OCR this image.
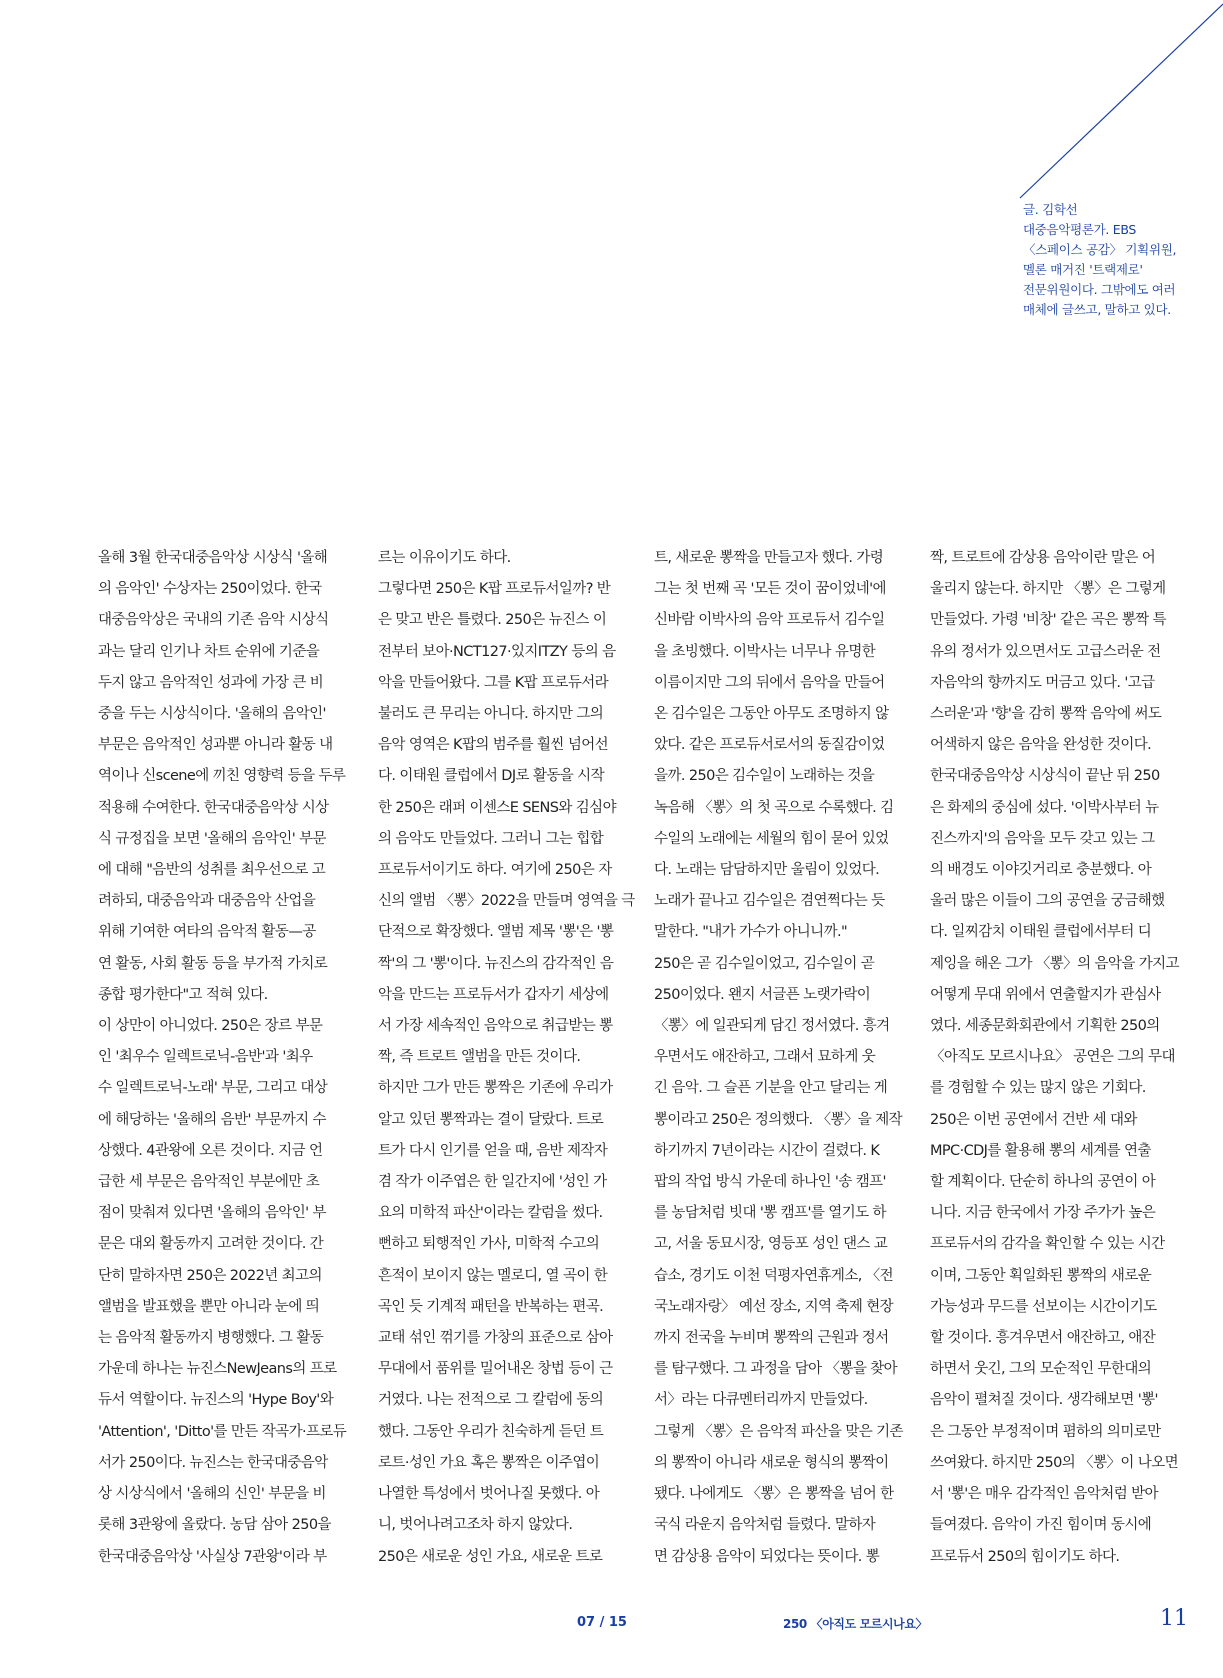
글. 김학선
대중음악평론가. EBS
〈스페이스 공감〉 기획위원,
멜론 매거진 '트랙제로'
전문위원이다. 그밖에도 여러
매체에 글쓰고, 말하고 있다.
올해 3월 한국대중음악상 시상식 '올해
의 음악인' 수상자는 250이었다. 한국
대중음악상은 국내의 기존 음악 시상식
과는 달리 인기나 차트 순위에 기준을
두지 않고 음악적인 성과에 가장 큰 비
중을 두는 시상식이다. '올해의 음악인'
부문은 음악적인 성과뿐 아니라 활동 내
역이나 신scene에 끼친 영향력 등을 두루
적용해 수여한다. 한국대중음악상 시상
식 규정집을 보면 '올해의 음악인' 부문
에 대해 "음반의 성취를 최우선으로 고
려하되, 대중음악과 대중음악 산업을
위해 기여한 여타의 음악적 활동—공
연 활동, 사회 활동 등을 부가적 가치로
종합 평가한다"고 적혀 있다.
이 상만이 아니었다. 250은 장르 부문
인 '최우수 일렉트로닉-음반'과 '최우
수 일렉트로닉-노래' 부문, 그리고 대상
에 해당하는 '올해의 음반' 부문까지 수
상했다. 4관왕에 오른 것이다. 지금 언
급한 세 부문은 음악적인 부분에만 초
점이 맞춰져 있다면 '올해의 음악인' 부
문은 대외 활동까지 고려한 것이다. 간
단히 말하자면 250은 2022년 최고의
앨범을 발표했을 뿐만 아니라 눈에 띄
는 음악적 활동까지 병행했다. 그 활동
가운데 하나는 뉴진스NewJeans의 프로
듀서 역할이다. 뉴진스의 'Hype Boy'와
'Attention', 'Ditto'를 만든 작곡가·프로듀
서가 250이다. 뉴진스는 한국대중음악
상 시상식에서 '올해의 신인' 부문을 비
롯해 3관왕에 올랐다. 농담 삼아 250을
한국대중음악상 '사실상 7관왕'이라 부
르는 이유이기도 하다.
그렇다면 250은 K팝 프로듀서일까? 반
은 맞고 반은 틀렸다. 250은 뉴진스 이
전부터 보아·NCT127·있지ITZY 등의 음
악을 만들어왔다. 그를 K팝 프로듀서라
불러도 큰 무리는 아니다. 하지만 그의
음악 영역은 K팝의 범주를 훨씬 넘어선
다. 이태원 클럽에서 DJ로 활동을 시작
한 250은 래퍼 이센스E SENS와 김심야
의 음악도 만들었다. 그러니 그는 힙합
프로듀서이기도 하다. 여기에 250은 자
신의 앨범 〈뽕〉2022을 만들며 영역을 극
단적으로 확장했다. 앨범 제목 '뽕'은 '뽕
짝'의 그 '뽕'이다. 뉴진스의 감각적인 음
악을 만드는 프로듀서가 갑자기 세상에
서 가장 세속적인 음악으로 취급받는 뽕
짝, 즉 트로트 앨범을 만든 것이다.
하지만 그가 만든 뽕짝은 기존에 우리가
알고 있던 뽕짝과는 결이 달랐다. 트로
트가 다시 인기를 얻을 때, 음반 제작자
겸 작가 이주엽은 한 일간지에 '성인 가
요의 미학적 파산'이라는 칼럼을 썼다.
뻔하고 퇴행적인 가사, 미학적 수고의
흔적이 보이지 않는 멜로디, 열 곡이 한
곡인 듯 기계적 패턴을 반복하는 편곡.
교태 섞인 꺾기를 가창의 표준으로 삼아
무대에서 품위를 밀어내온 창법 등이 근
거였다. 나는 전적으로 그 칼럼에 동의
했다. 그동안 우리가 친숙하게 듣던 트
로트·성인 가요 혹은 뽕짝은 이주엽이
나열한 특성에서 벗어나질 못했다. 아
니, 벗어나려고조차 하지 않았다.
250은 새로운 성인 가요, 새로운 트로
트, 새로운 뽕짝을 만들고자 했다. 가령
그는 첫 번째 곡 '모든 것이 꿈이었네'에
신바람 이박사의 음악 프로듀서 김수일
을 초빙했다. 이박사는 너무나 유명한
이름이지만 그의 뒤에서 음악을 만들어
온 김수일은 그동안 아무도 조명하지 않
았다. 같은 프로듀서로서의 동질감이었
을까. 250은 김수일이 노래하는 것을
녹음해 〈뽕〉의 첫 곡으로 수록했다. 김
수일의 노래에는 세월의 힘이 묻어 있었
다. 노래는 담담하지만 울림이 있었다.
노래가 끝나고 김수일은 겸연쩍다는 듯
말한다. "내가 가수가 아니니까."
250은 곧 김수일이었고, 김수일이 곧
250이었다. 왠지 서글픈 노랫가락이
〈뽕〉에 일관되게 담긴 정서였다. 흥겨
우면서도 애잔하고, 그래서 묘하게 웃
긴 음악. 그 슬픈 기분을 안고 달리는 게
뽕이라고 250은 정의했다. 〈뽕〉을 제작
하기까지 7년이라는 시간이 걸렸다. K
팝의 작업 방식 가운데 하나인 '송 캠프'
를 농담처럼 빗대 '뽕 캠프'를 열기도 하
고, 서울 동묘시장, 영등포 성인 댄스 교
습소, 경기도 이천 덕평자연휴게소, 〈전
국노래자랑〉 예선 장소, 지역 축제 현장
까지 전국을 누비며 뽕짝의 근원과 정서
를 탐구했다. 그 과정을 담아 〈뽕을 찾아
서〉라는 다큐멘터리까지 만들었다.
그렇게 〈뽕〉은 음악적 파산을 맞은 기존
의 뽕짝이 아니라 새로운 형식의 뽕짝이
됐다. 나에게도 〈뽕〉은 뽕짝을 넘어 한
국식 라운지 음악처럼 들렸다. 말하자
면 감상용 음악이 되었다는 뜻이다. 뽕
짝, 트로트에 감상용 음악이란 말은 어
울리지 않는다. 하지만 〈뽕〉은 그렇게
만들었다. 가령 '비창' 같은 곡은 뽕짝 특
유의 정서가 있으면서도 고급스러운 전
자음악의 향까지도 머금고 있다. '고급
스러운'과 '향'을 감히 뽕짝 음악에 써도
어색하지 않은 음악을 완성한 것이다.
한국대중음악상 시상식이 끝난 뒤 250
은 화제의 중심에 섰다. '이박사부터 뉴
진스까지'의 음악을 모두 갖고 있는 그
의 배경도 이야깃거리로 충분했다. 아
울러 많은 이들이 그의 공연을 궁금해했
다. 일찌감치 이태원 클럽에서부터 디
제잉을 해온 그가 〈뽕〉의 음악을 가지고
어떻게 무대 위에서 연출할지가 관심사
였다. 세종문화회관에서 기획한 250의
〈아직도 모르시나요〉 공연은 그의 무대
를 경험할 수 있는 많지 않은 기회다.
250은 이번 공연에서 건반 세 대와
MPC·CDJ를 활용해 뽕의 세계를 연출
할 계획이다. 단순히 하나의 공연이 아
니다. 지금 한국에서 가장 주가가 높은
프로듀서의 감각을 확인할 수 있는 시간
이며, 그동안 획일화된 뽕짝의 새로운
가능성과 무드를 선보이는 시간이기도
할 것이다. 흥겨우면서 애잔하고, 애잔
하면서 웃긴, 그의 모순적인 무한대의
음악이 펼쳐질 것이다. 생각해보면 '뽕'
은 그동안 부정적이며 폄하의 의미로만
쓰여왔다. 하지만 250의 〈뽕〉이 나오면
서 '뽕'은 매우 감각적인 음악처럼 받아
들여졌다. 음악이 가진 힘이며 동시에
프로듀서 250의 힘이기도 하다.
07 / 15	250 〈아직도 모르시나요〉	11
